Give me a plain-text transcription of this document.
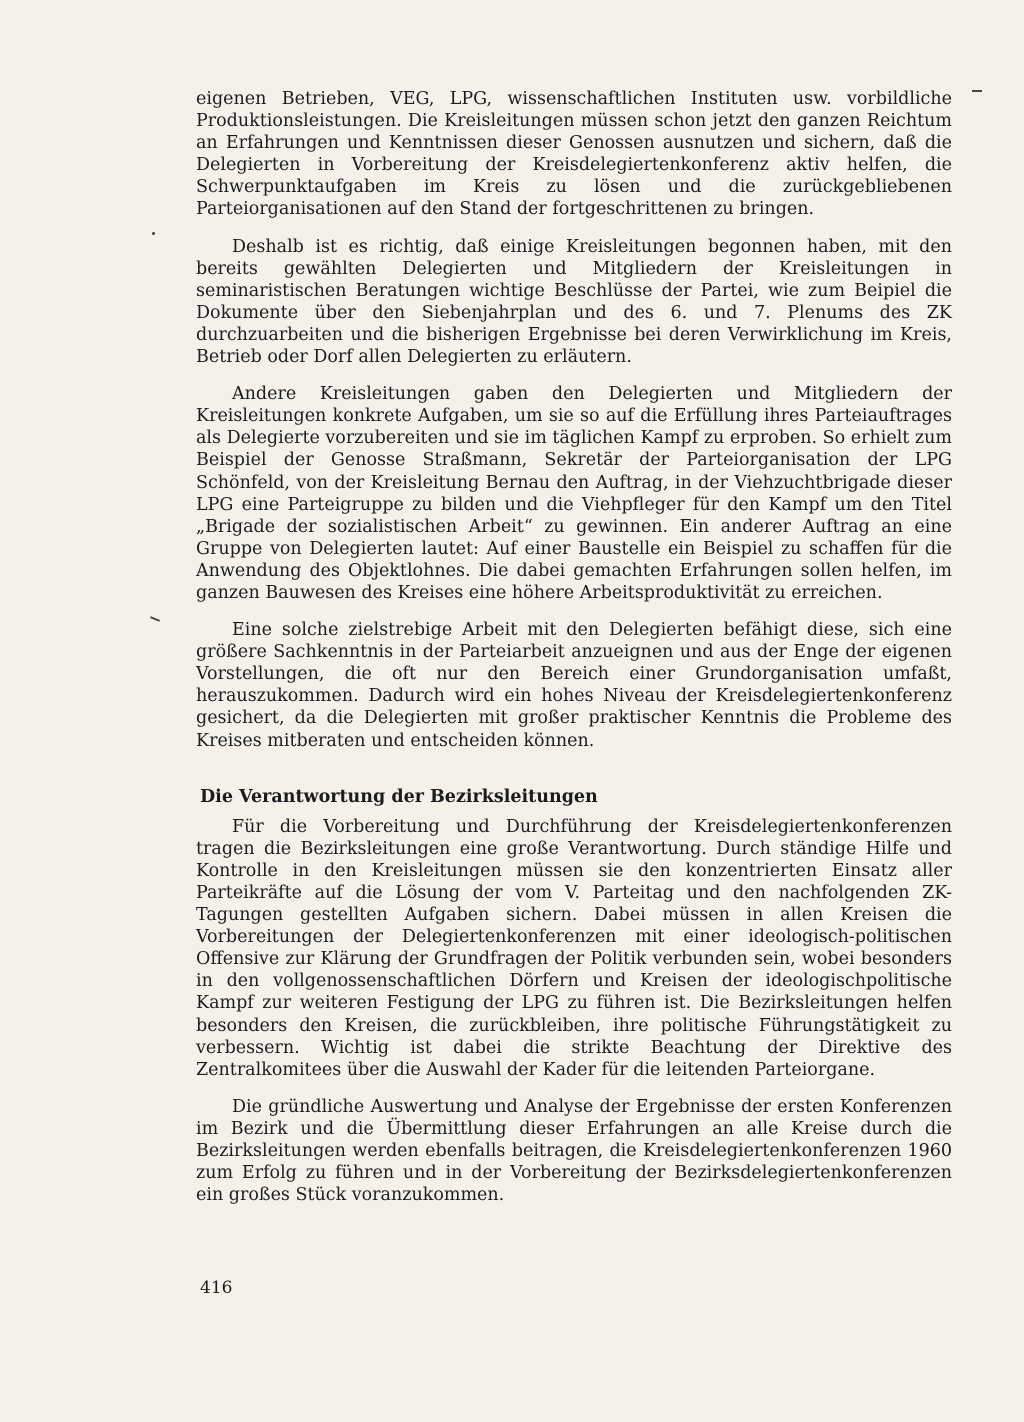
eigenen Betrieben, VEG, LPG, wissenschaftlichen Instituten usw. vorbildliche Produktionsleistungen. Die Kreisleitungen müssen schon jetzt den ganzen Reichtum an Erfahrungen und Kenntnissen dieser Genossen ausnutzen und sichern, daß die Delegierten in Vorbereitung der Kreisdelegiertenkonferenz aktiv helfen, die Schwerpunktaufgaben im Kreis zu lösen und die zurückgebliebenen Parteiorganisationen auf den Stand der fortgeschrittenen zu bringen.

Deshalb ist es richtig, daß einige Kreisleitungen begonnen haben, mit den bereits gewählten Delegierten und Mitgliedern der Kreisleitungen in seminaristischen Beratungen wichtige Beschlüsse der Partei, wie zum Beipiel die Dokumente über den Siebenjahrplan und des 6. und 7. Plenums des ZK durchzuarbeiten und die bisherigen Ergebnisse bei deren Verwirklichung im Kreis, Betrieb oder Dorf allen Delegierten zu erläutern.

Andere Kreisleitungen gaben den Delegierten und Mitgliedern der Kreisleitungen konkrete Aufgaben, um sie so auf die Erfüllung ihres Parteiauftrages als Delegierte vorzubereiten und sie im täglichen Kampf zu erproben. So erhielt zum Beispiel der Genosse Straßmann, Sekretär der Parteiorganisation der LPG Schönfeld, von der Kreisleitung Bernau den Auftrag, in der Viehzuchtbrigade dieser LPG eine Parteigruppe zu bilden und die Viehpfleger für den Kampf um den Titel „Brigade der sozialistischen Arbeit“ zu gewinnen. Ein anderer Auftrag an eine Gruppe von Delegierten lautet: Auf einer Baustelle ein Beispiel zu schaffen für die Anwendung des Objektlohnes. Die dabei gemachten Erfahrungen sollen helfen, im ganzen Bauwesen des Kreises eine höhere Arbeitsproduktivität zu erreichen.

Eine solche zielstrebige Arbeit mit den Delegierten befähigt diese, sich eine größere Sachkenntnis in der Parteiarbeit anzueignen und aus der Enge der eigenen Vorstellungen, die oft nur den Bereich einer Grundorganisation umfaßt, herauszukommen. Dadurch wird ein hohes Niveau der Kreisdelegiertenkonferenz gesichert, da die Delegierten mit großer praktischer Kenntnis die Probleme des Kreises mitberaten und entscheiden können.

Die Verantwortung der Bezirksleitungen

Für die Vorbereitung und Durchführung der Kreisdelegiertenkonferenzen tragen die Bezirksleitungen eine große Verantwortung. Durch ständige Hilfe und Kontrolle in den Kreisleitungen müssen sie den konzentrierten Einsatz aller Parteikräfte auf die Lösung der vom V. Parteitag und den nachfolgenden ZK-Tagungen gestellten Aufgaben sichern. Dabei müssen in allen Kreisen die Vorbereitungen der Delegiertenkonferenzen mit einer ideologisch-politischen Offensive zur Klärung der Grundfragen der Politik verbunden sein, wobei besonders in den vollgenossenschaftlichen Dörfern und Kreisen der ideologischpolitische Kampf zur weiteren Festigung der LPG zu führen ist. Die Bezirksleitungen helfen besonders den Kreisen, die zurückbleiben, ihre politische Führungstätigkeit zu verbessern. Wichtig ist dabei die strikte Beachtung der Direktive des Zentralkomitees über die Auswahl der Kader für die leitenden Parteiorgane.

Die gründliche Auswertung und Analyse der Ergebnisse der ersten Konferenzen im Bezirk und die Übermittlung dieser Erfahrungen an alle Kreise durch die Bezirksleitungen werden ebenfalls beitragen, die Kreisdelegiertenkonferenzen 1960 zum Erfolg zu führen und in der Vorbereitung der Bezirksdelegiertenkonferenzen ein großes Stück voranzukommen.

416
